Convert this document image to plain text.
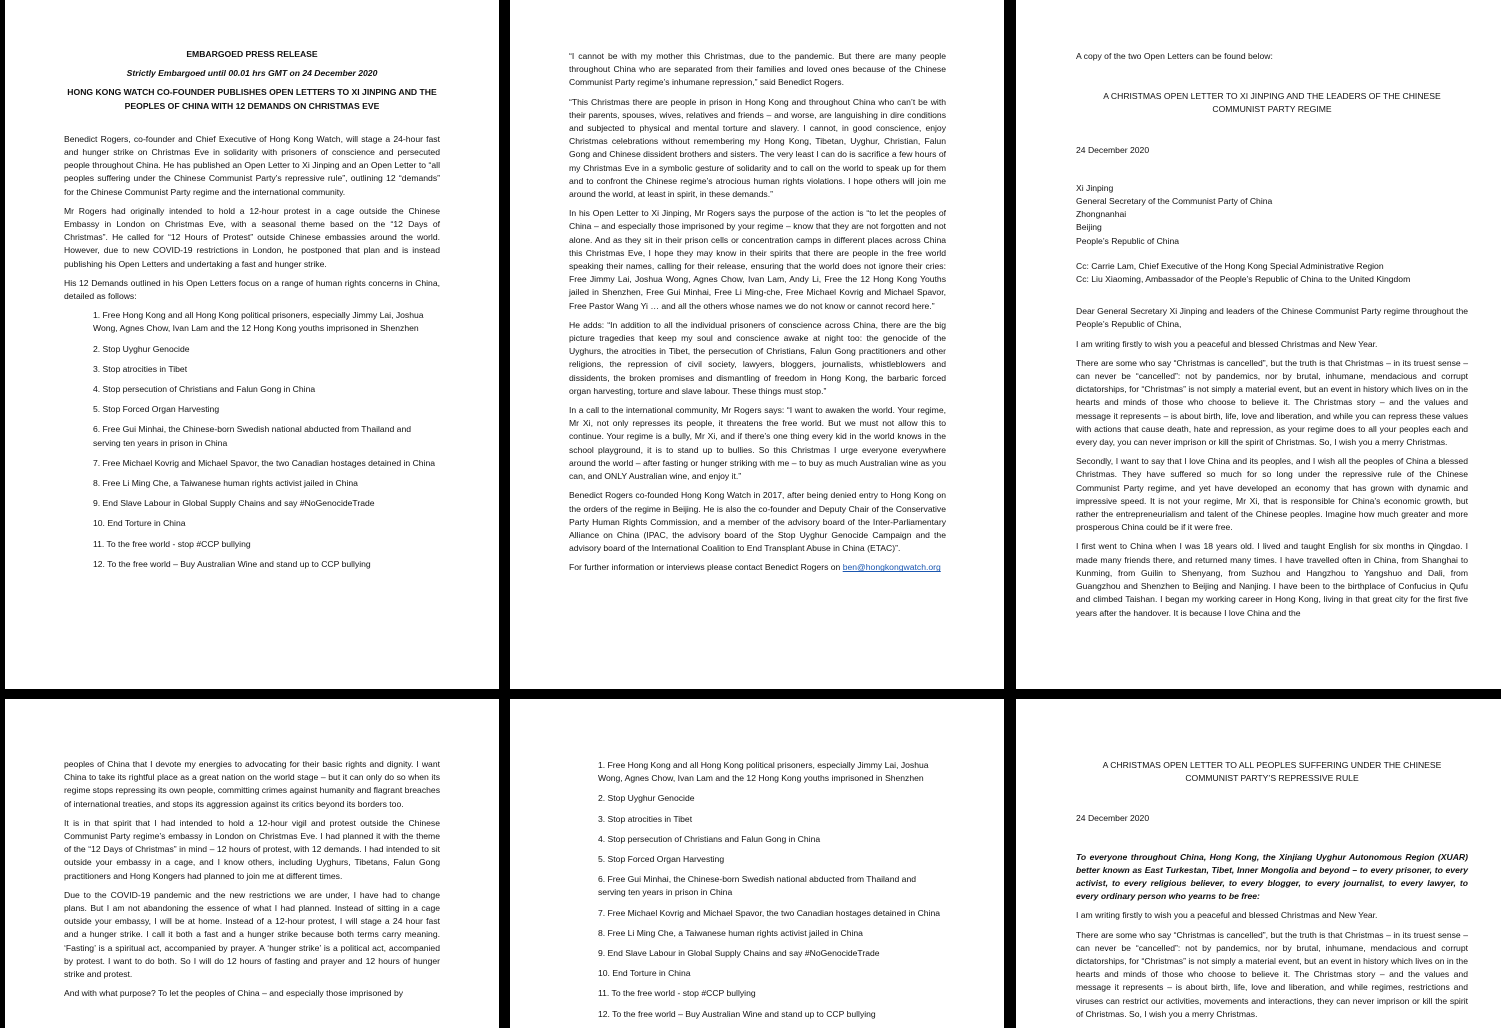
EMBARGOED PRESS RELEASE

Strictly Embargoed until 00.01 hrs GMT on 24 December 2020

HONG KONG WATCH CO-FOUNDER PUBLISHES OPEN LETTERS TO XI JINPING AND THE PEOPLES OF CHINA WITH 12 DEMANDS ON CHRISTMAS EVE

Benedict Rogers, co-founder and Chief Executive of Hong Kong Watch, will stage a 24-hour fast and hunger strike on Christmas Eve in solidarity with prisoners of conscience and persecuted people throughout China. He has published an Open Letter to Xi Jinping and an Open Letter to “all peoples suffering under the Chinese Communist Party’s repressive rule”, outlining 12 “demands” for the Chinese Communist Party regime and the international community.

Mr Rogers had originally intended to hold a 12-hour protest in a cage outside the Chinese Embassy in London on Christmas Eve, with a seasonal theme based on the “12 Days of Christmas”. He called for “12 Hours of Protest” outside Chinese embassies around the world. However, due to new COVID-19 restrictions in London, he postponed that plan and is instead publishing his Open Letters and undertaking a fast and hunger strike.

His 12 Demands outlined in his Open Letters focus on a range of human rights concerns in China, detailed as follows:

1. Free Hong Kong and all Hong Kong political prisoners, especially Jimmy Lai, Joshua Wong, Agnes Chow, Ivan Lam and the 12 Hong Kong youths imprisoned in Shenzhen
2. Stop Uyghur Genocide
3. Stop atrocities in Tibet
4. Stop persecution of Christians and Falun Gong in China
5. Stop Forced Organ Harvesting
6. Free Gui Minhai, the Chinese-born Swedish national abducted from Thailand and serving ten years in prison in China
7. Free Michael Kovrig and Michael Spavor, the two Canadian hostages detained in China
8. Free Li Ming Che, a Taiwanese human rights activist jailed in China
9. End Slave Labour in Global Supply Chains and say #NoGenocideTrade
10. End Torture in China
11. To the free world - stop #CCP bullying
12. To the free world – Buy Australian Wine and stand up to CCP bullying

“I cannot be with my mother this Christmas, due to the pandemic. But there are many people throughout China who are separated from their families and loved ones because of the Chinese Communist Party regime’s inhumane repression,” said Benedict Rogers.

“This Christmas there are people in prison in Hong Kong and throughout China who can’t be with their parents, spouses, wives, relatives and friends – and worse, are languishing in dire conditions and subjected to physical and mental torture and slavery. I cannot, in good conscience, enjoy Christmas celebrations without remembering my Hong Kong, Tibetan, Uyghur, Christian, Falun Gong and Chinese dissident brothers and sisters. The very least I can do is sacrifice a few hours of my Christmas Eve in a symbolic gesture of solidarity and to call on the world to speak up for them and to confront the Chinese regime’s atrocious human rights violations. I hope others will join me around the world, at least in spirit, in these demands.”

In his Open Letter to Xi Jinping, Mr Rogers says the purpose of the action is “to let the peoples of China – and especially those imprisoned by your regime – know that they are not forgotten and not alone. And as they sit in their prison cells or concentration camps in different places across China this Christmas Eve, I hope they may know in their spirits that there are people in the free world speaking their names, calling for their release, ensuring that the world does not ignore their cries: Free Jimmy Lai, Joshua Wong, Agnes Chow, Ivan Lam, Andy Li, Free the 12 Hong Kong Youths jailed in Shenzhen, Free Gui Minhai, Free Li Ming-che, Free Michael Kovrig and Michael Spavor, Free Pastor Wang Yi … and all the others whose names we do not know or cannot record here.”

He adds: “In addition to all the individual prisoners of conscience across China, there are the big picture tragedies that keep my soul and conscience awake at night too: the genocide of the Uyghurs, the atrocities in Tibet, the persecution of Christians, Falun Gong practitioners and other religions, the repression of civil society, lawyers, bloggers, journalists, whistleblowers and dissidents, the broken promises and dismantling of freedom in Hong Kong, the barbaric forced organ harvesting, torture and slave labour. These things must stop.”

In a call to the international community, Mr Rogers says: “I want to awaken the world. Your regime, Mr Xi, not only represses its people, it threatens the free world. But we must not allow this to continue. Your regime is a bully, Mr Xi, and if there’s one thing every kid in the world knows in the school playground, it is to stand up to bullies. So this Christmas I urge everyone everywhere around the world – after fasting or hunger striking with me – to buy as much Australian wine as you can, and ONLY Australian wine, and enjoy it.”

Benedict Rogers co-founded Hong Kong Watch in 2017, after being denied entry to Hong Kong on the orders of the regime in Beijing. He is also the co-founder and Deputy Chair of the Conservative Party Human Rights Commission, and a member of the advisory board of the Inter-Parliamentary Alliance on China (IPAC, the advisory board of the Stop Uyghur Genocide Campaign and the advisory board of the International Coalition to End Transplant Abuse in China (ETAC)”.

For further information or interviews please contact Benedict Rogers on ben@hongkongwatch.org

A copy of the two Open Letters can be found below:

A CHRISTMAS OPEN LETTER TO XI JINPING AND THE LEADERS OF THE CHINESE COMMUNIST PARTY REGIME

24 December 2020

Xi Jinping
General Secretary of the Communist Party of China
Zhongnanhai
Beijing
People’s Republic of China
Cc: Carrie Lam, Chief Executive of the Hong Kong Special Administrative Region
Cc: Liu Xiaoming, Ambassador of the People’s Republic of China to the United Kingdom

Dear General Secretary Xi Jinping and leaders of the Chinese Communist Party regime throughout the People’s Republic of China,

I am writing firstly to wish you a peaceful and blessed Christmas and New Year.

There are some who say “Christmas is cancelled”, but the truth is that Christmas – in its truest sense – can never be “cancelled”: not by pandemics, nor by brutal, inhumane, mendacious and corrupt dictatorships, for “Christmas” is not simply a material event, but an event in history which lives on in the hearts and minds of those who choose to believe it. The Christmas story – and the values and message it represents – is about birth, life, love and liberation, and while you can repress these values with actions that cause death, hate and repression, as your regime does to all your peoples each and every day, you can never imprison or kill the spirit of Christmas. So, I wish you a merry Christmas.

Secondly, I want to say that I love China and its peoples, and I wish all the peoples of China a blessed Christmas. They have suffered so much for so long under the repressive rule of the Chinese Communist Party regime, and yet have developed an economy that has grown with dynamic and impressive speed. It is not your regime, Mr Xi, that is responsible for China’s economic growth, but rather the entrepreneurialism and talent of the Chinese peoples. Imagine how much greater and more prosperous China could be if it were free.

I first went to China when I was 18 years old. I lived and taught English for six months in Qingdao. I made many friends there, and returned many times. I have travelled often in China, from Shanghai to Kunming, from Guilin to Shenyang, from Suzhou and Hangzhou to Yangshuo and Dali, from Guangzhou and Shenzhen to Beijing and Nanjing. I have been to the birthplace of Confucius in Qufu and climbed Taishan. I began my working career in Hong Kong, living in that great city for the first five years after the handover. It is because I love China and the

peoples of China that I devote my energies to advocating for their basic rights and dignity. I want China to take its rightful place as a great nation on the world stage – but it can only do so when its regime stops repressing its own people, committing crimes against humanity and flagrant breaches of international treaties, and stops its aggression against its critics beyond its borders too.

It is in that spirit that I had intended to hold a 12-hour vigil and protest outside the Chinese Communist Party regime’s embassy in London on Christmas Eve. I had planned it with the theme of the “12 Days of Christmas” in mind – 12 hours of protest, with 12 demands. I had intended to sit outside your embassy in a cage, and I know others, including Uyghurs, Tibetans, Falun Gong practitioners and Hong Kongers had planned to join me at different times.

Due to the COVID-19 pandemic and the new restrictions we are under, I have had to change plans. But I am not abandoning the essence of what I had planned. Instead of sitting in a cage outside your embassy, I will be at home. Instead of a 12-hour protest, I will stage a 24 hour fast and a hunger strike. I call it both a fast and a hunger strike because both terms carry meaning. ‘Fasting’ is a spiritual act, accompanied by prayer. A ‘hunger strike’ is a political act, accompanied by protest. I want to do both. So I will do 12 hours of fasting and prayer and 12 hours of hunger strike and protest.

And with what purpose? To let the peoples of China – and especially those imprisoned by

1. Free Hong Kong and all Hong Kong political prisoners, especially Jimmy Lai, Joshua Wong, Agnes Chow, Ivan Lam and the 12 Hong Kong youths imprisoned in Shenzhen
2. Stop Uyghur Genocide
3. Stop atrocities in Tibet
4. Stop persecution of Christians and Falun Gong in China
5. Stop Forced Organ Harvesting
6. Free Gui Minhai, the Chinese-born Swedish national abducted from Thailand and serving ten years in prison in China
7. Free Michael Kovrig and Michael Spavor, the two Canadian hostages detained in China
8. Free Li Ming Che, a Taiwanese human rights activist jailed in China
9. End Slave Labour in Global Supply Chains and say #NoGenocideTrade
10. End Torture in China
11. To the free world - stop #CCP bullying
12. To the free world – Buy Australian Wine and stand up to CCP bullying

A CHRISTMAS OPEN LETTER TO ALL PEOPLES SUFFERING UNDER THE CHINESE COMMUNIST PARTY’S REPRESSIVE RULE

24 December 2020

To everyone throughout China, Hong Kong, the Xinjiang Uyghur Autonomous Region (XUAR) better known as East Turkestan, Tibet, Inner Mongolia and beyond – to every prisoner, to every activist, to every religious believer, to every blogger, to every journalist, to every lawyer, to every ordinary person who yearns to be free:

I am writing firstly to wish you a peaceful and blessed Christmas and New Year.

There are some who say “Christmas is cancelled”, but the truth is that Christmas – in its truest sense – can never be “cancelled”: not by pandemics, nor by brutal, inhumane, mendacious and corrupt dictatorships, for “Christmas” is not simply a material event, but an event in history which lives on in the hearts and minds of those who choose to believe it. The Christmas story – and the values and message it represents – is about birth, life, love and liberation, and while regimes, restrictions and viruses can restrict our activities, movements and interactions, they can never imprison or kill the spirit of Christmas. So, I wish you a merry Christmas.
